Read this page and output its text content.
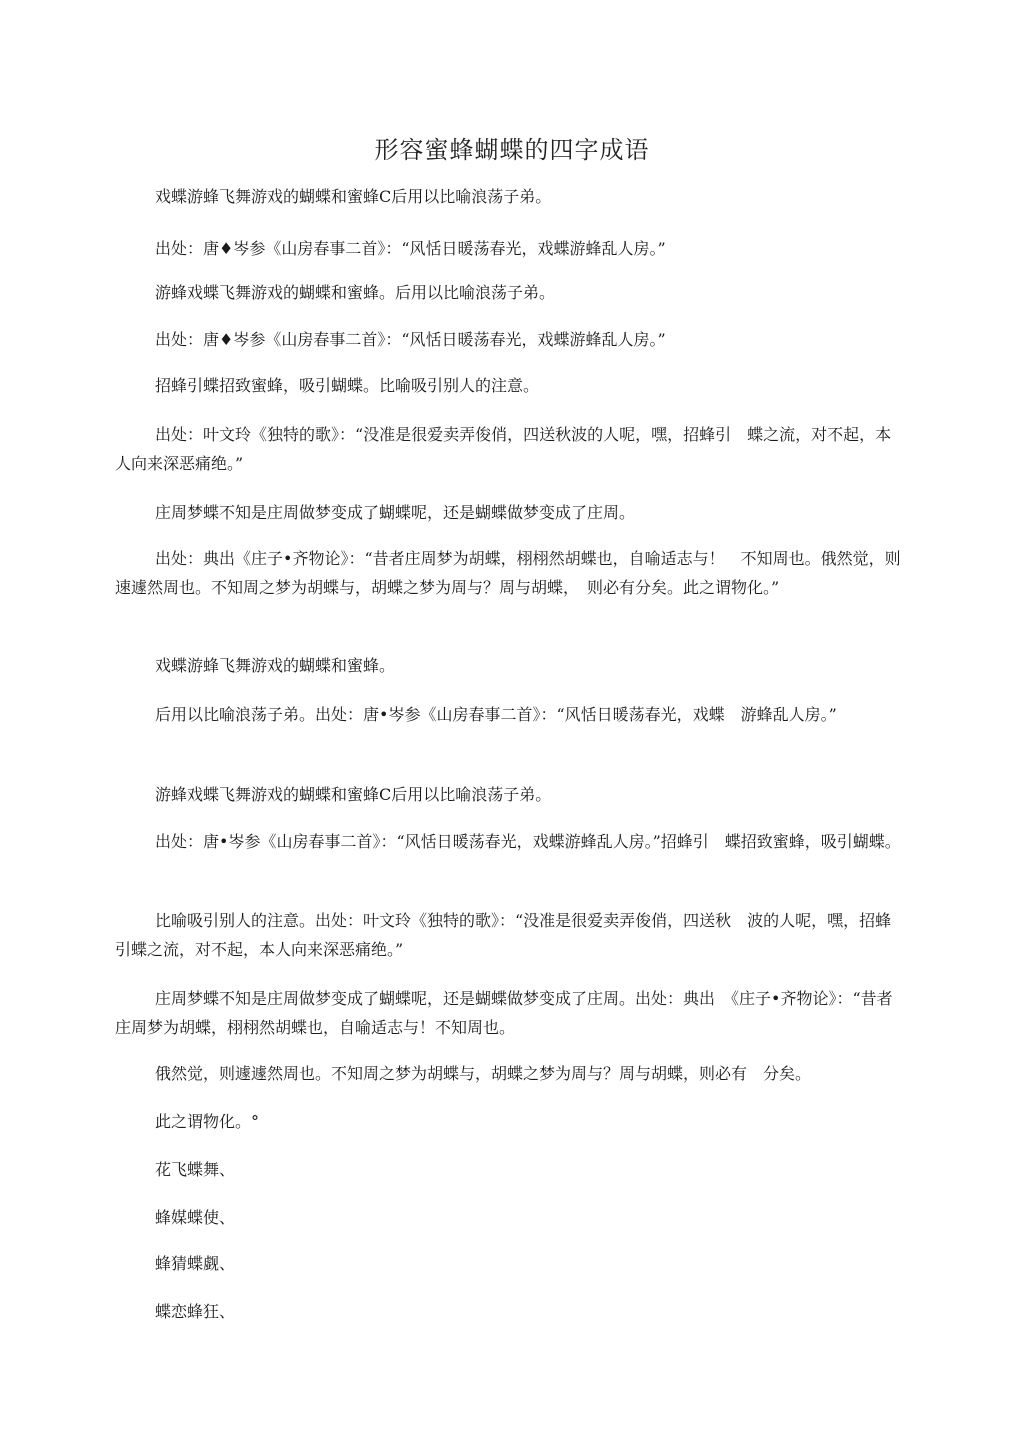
形容蜜蜂蝴蝶的四字成语
戏蝶游蜂飞舞游戏的蝴蝶和蜜蜂C后用以比喻浪荡子弟。
出处：唐♦岑参《山房春事二首》：“风恬日暖荡春光，戏蝶游蜂乱人房。”
游蜂戏蝶飞舞游戏的蝴蝶和蜜蜂。后用以比喻浪荡子弟。
出处：唐♦岑参《山房春事二首》：“风恬日暖荡春光，戏蝶游蜂乱人房。”
招蜂引蝶招致蜜蜂，吸引蝴蝶。比喻吸引别人的注意。
出处：叶文玲《独特的歌》：“没准是很爱卖弄俊俏，四送秋波的人呢，嘿，招蜂引　蝶之流，对不起，本人向来深恶痛绝。”
庄周梦蝶不知是庄周做梦变成了蝴蝶呢，还是蝴蝶做梦变成了庄周。
出处：典出《庄子•齐物论》：“昔者庄周梦为胡蝶，栩栩然胡蝶也，自喻适志与！　不知周也。俄然觉，则速遽然周也。不知周之梦为胡蝶与，胡蝶之梦为周与？周与胡蝶，　则必有分矣。此之谓物化。”
戏蝶游蜂飞舞游戏的蝴蝶和蜜蜂。
后用以比喻浪荡子弟。出处：唐•岑参《山房春事二首》：“风恬日暖荡春光，戏蝶　游蜂乱人房。”
游蜂戏蝶飞舞游戏的蝴蝶和蜜蜂C后用以比喻浪荡子弟。
出处：唐•岑参《山房春事二首》：“风恬日暖荡春光，戏蝶游蜂乱人房。”招蜂引　蝶招致蜜蜂，吸引蝴蝶。
比喻吸引别人的注意。出处：叶文玲《独特的歌》：“没准是很爱卖弄俊俏，四送秋　波的人呢，嘿，招蜂引蝶之流，对不起，本人向来深恶痛绝。”
庄周梦蝶不知是庄周做梦变成了蝴蝶呢，还是蝴蝶做梦变成了庄周。出处：典出　《庄子•齐物论》：“昔者庄周梦为胡蝶，栩栩然胡蝶也，自喻适志与！不知周也。
俄然觉，则遽遽然周也。不知周之梦为胡蝶与，胡蝶之梦为周与？周与胡蝶，则必有　分矣。
此之谓物化。°
花飞蝶舞、
蜂媒蝶使、
蜂猜蝶觑、
蝶恋蜂狂、
